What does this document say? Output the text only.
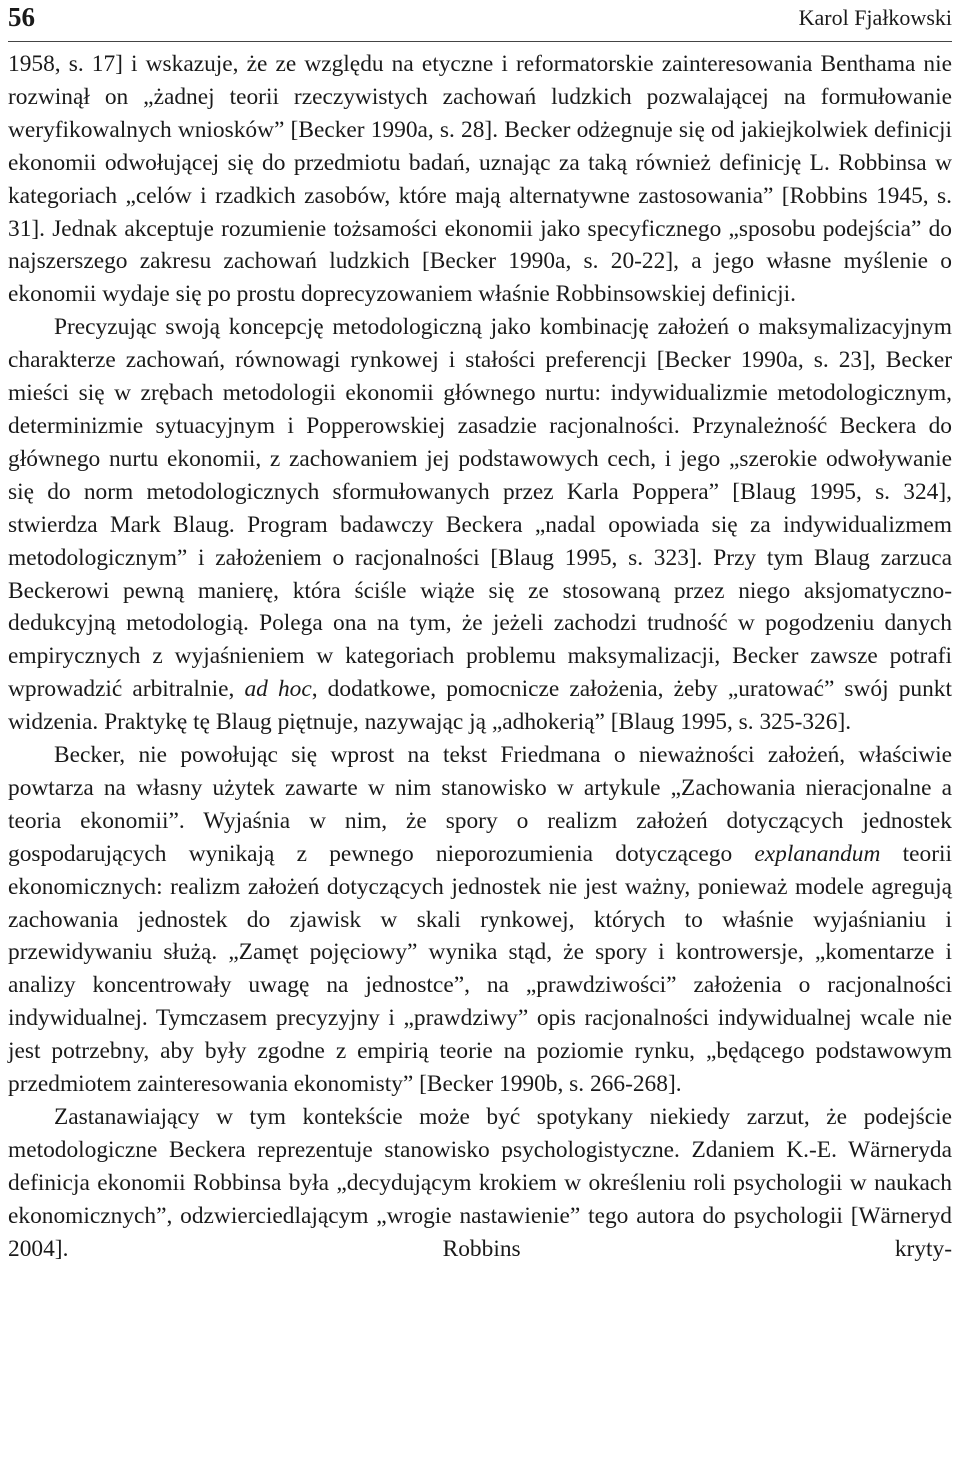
56	Karol Fjałkowski

1958, s. 17] i wskazuje, że ze względu na etyczne i reformatorskie zainteresowania Benthama nie rozwinął on „żadnej teorii rzeczywistych zachowań ludzkich pozwalającej na formułowanie weryfikowalnych wniosków” [Becker 1990a, s. 28]. Becker odżegnuje się od jakiejkolwiek definicji ekonomii odwołującej się do przedmiotu badań, uznając za taką również definicję L. Robbinsa w kategoriach „celów i rzadkich zasobów, które mają alternatywne zastosowania” [Robbins 1945, s. 31]. Jednak akceptuje rozumienie tożsamości ekonomii jako specyficznego „sposobu podejścia” do najszerszego zakresu zachowań ludzkich [Becker 1990a, s. 20-22], a jego własne myślenie o ekonomii wydaje się po prostu doprecyzowaniem właśnie Robbinsowskiej definicji.

Precyzując swoją koncepcję metodologiczną jako kombinację założeń o maksymalizacyjnym charakterze zachowań, równowagi rynkowej i stałości preferencji [Becker 1990a, s. 23], Becker mieści się w zrębach metodologii ekonomii głównego nurtu: indywidualizmie metodologicznym, determinizmie sytuacyjnym i Popperowskiej zasadzie racjonalności. Przynależność Beckera do głównego nurtu ekonomii, z zachowaniem jej podstawowych cech, i jego „szerokie odwoływanie się do norm metodologicznych sformułowanych przez Karla Poppera” [Blaug 1995, s. 324], stwierdza Mark Blaug. Program badawczy Beckera „nadal opowiada się za indywidualizmem metodologicznym” i założeniem o racjonalności [Blaug 1995, s. 323]. Przy tym Blaug zarzuca Beckerowi pewną manierę, która ściśle wiąże się ze stosowaną przez niego aksjomatyczno-dedukcyjną metodologią. Polega ona na tym, że jeżeli zachodzi trudność w pogodzeniu danych empirycznych z wyjaśnieniem w kategoriach problemu maksymalizacji, Becker zawsze potrafi wprowadzić arbitralnie, ad hoc, dodatkowe, pomocnicze założenia, żeby „uratować” swój punkt widzenia. Praktykę tę Blaug piętnuje, nazywając ją „adhokerią” [Blaug 1995, s. 325-326].

Becker, nie powołując się wprost na tekst Friedmana o nieważności założeń, właściwie powtarza na własny użytek zawarte w nim stanowisko w artykule „Zachowania nieracjonalne a teoria ekonomii”. Wyjaśnia w nim, że spory o realizm założeń dotyczących jednostek gospodarujących wynikają z pewnego nieporozumienia dotyczącego explanandum teorii ekonomicznych: realizm założeń dotyczących jednostek nie jest ważny, ponieważ modele agregują zachowania jednostek do zjawisk w skali rynkowej, których to właśnie wyjaśnianiu i przewidywaniu służą. „Zamęt pojęciowy” wynika stąd, że spory i kontrowersje, „komentarze i analizy koncentrowały uwagę na jednostce”, na „prawdziwości” założenia o racjonalności indywidualnej. Tymczasem precyzyjny i „prawdziwy” opis racjonalności indywidualnej wcale nie jest potrzebny, aby były zgodne z empirią teorie na poziomie rynku, „będącego podstawowym przedmiotem zainteresowania ekonomisty” [Becker 1990b, s. 266-268].

Zastanawiający w tym kontekście może być spotykany niekiedy zarzut, że podejście metodologiczne Beckera reprezentuje stanowisko psychologistyczne. Zdaniem K.-E. Wärneryda definicja ekonomii Robbinsa była „decydującym krokiem w określeniu roli psychologii w naukach ekonomicznych”, odzwierciedlającym „wrogie nastawienie” tego autora do psychologii [Wärneryd 2004]. Robbins kryty-
